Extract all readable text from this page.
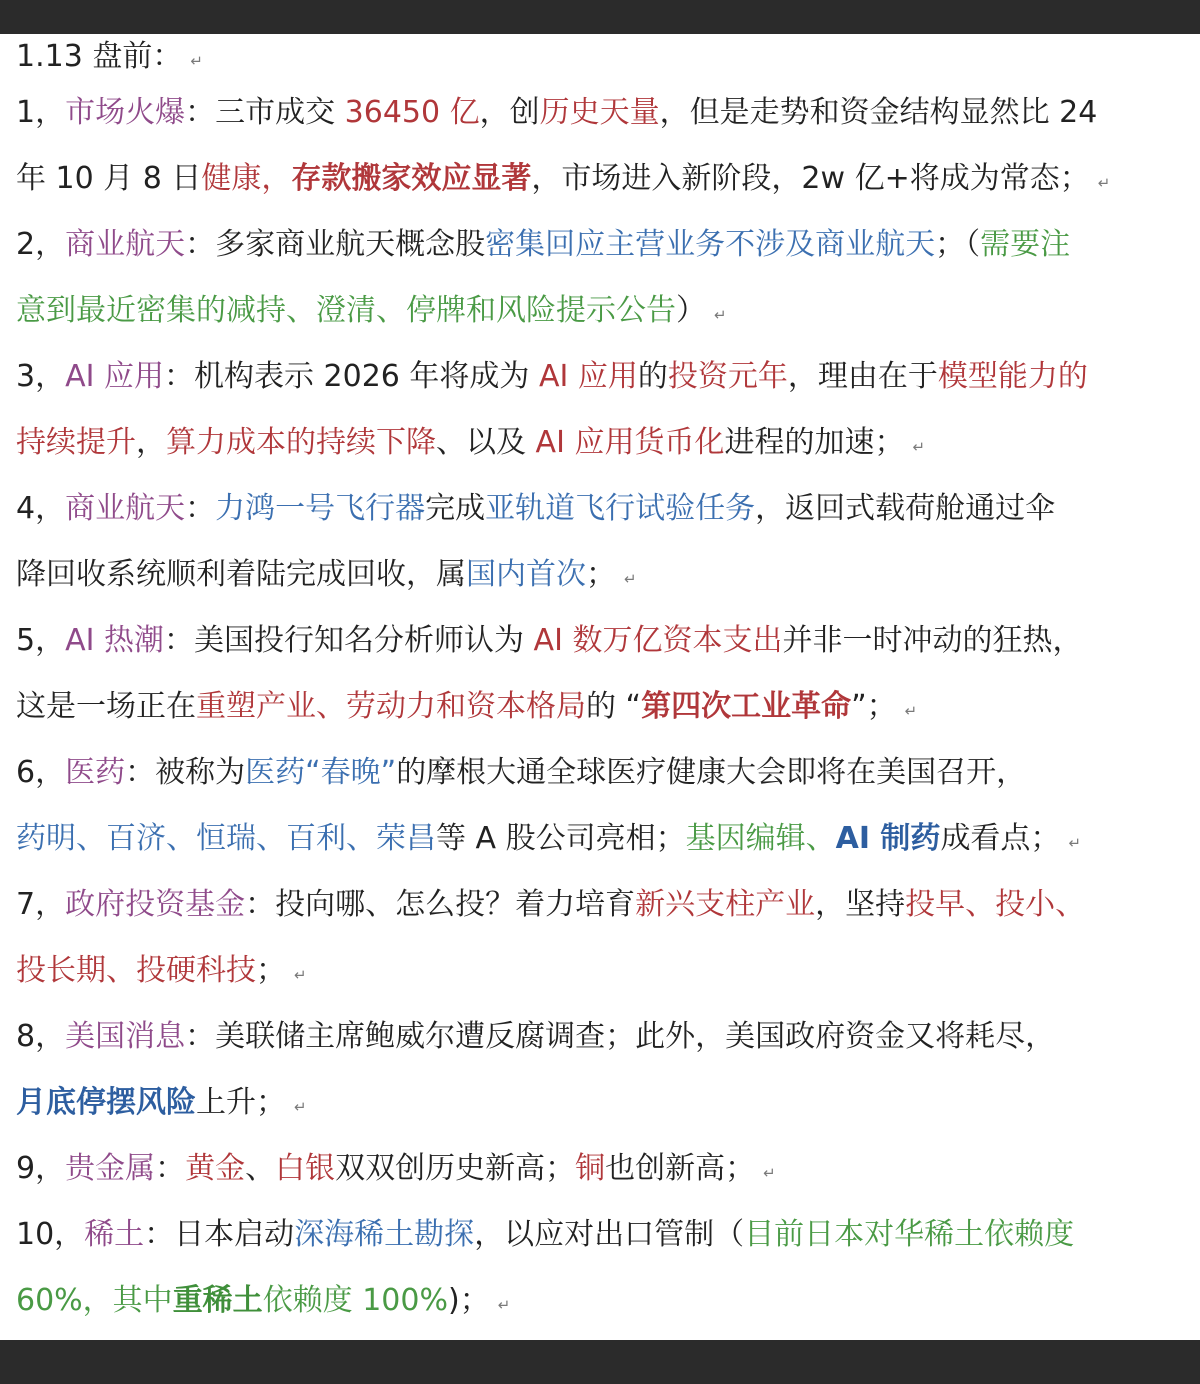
1.13 盘前： ↵
1，市场火爆：三市成交 36450 亿，创历史天量，但是走势和资金结构显然比 24
年 10 月 8 日健康，存款搬家效应显著，市场进入新阶段，2w 亿+将成为常态； ↵
2，商业航天：多家商业航天概念股密集回应主营业务不涉及商业航天；（需要注
意到最近密集的减持、澄清、停牌和风险提示公告） ↵
3，AI 应用：机构表示 2026 年将成为 AI 应用的投资元年，理由在于模型能力的
持续提升，算力成本的持续下降、以及 AI 应用货币化进程的加速； ↵
4，商业航天：力鸿一号飞行器完成亚轨道飞行试验任务，返回式载荷舱通过伞
降回收系统顺利着陆完成回收，属国内首次； ↵
5，AI 热潮：美国投行知名分析师认为 AI 数万亿资本支出并非一时冲动的狂热，
这是一场正在重塑产业、劳动力和资本格局的 “第四次工业革命”； ↵
6，医药：被称为医药“春晚”的摩根大通全球医疗健康大会即将在美国召开，
药明、百济、恒瑞、百利、荣昌等 A 股公司亮相；基因编辑、AI 制药成看点； ↵
7，政府投资基金：投向哪、怎么投？着力培育新兴支柱产业，坚持投早、投小、
投长期、投硬科技； ↵
8，美国消息：美联储主席鲍威尔遭反腐调查；此外，美国政府资金又将耗尽，
月底停摆风险上升； ↵
9，贵金属：黄金、白银双双创历史新高；铜也创新高； ↵
10，稀土：日本启动深海稀土勘探，以应对出口管制（目前日本对华稀土依赖度
60%，其中重稀土依赖度 100%)； ↵
